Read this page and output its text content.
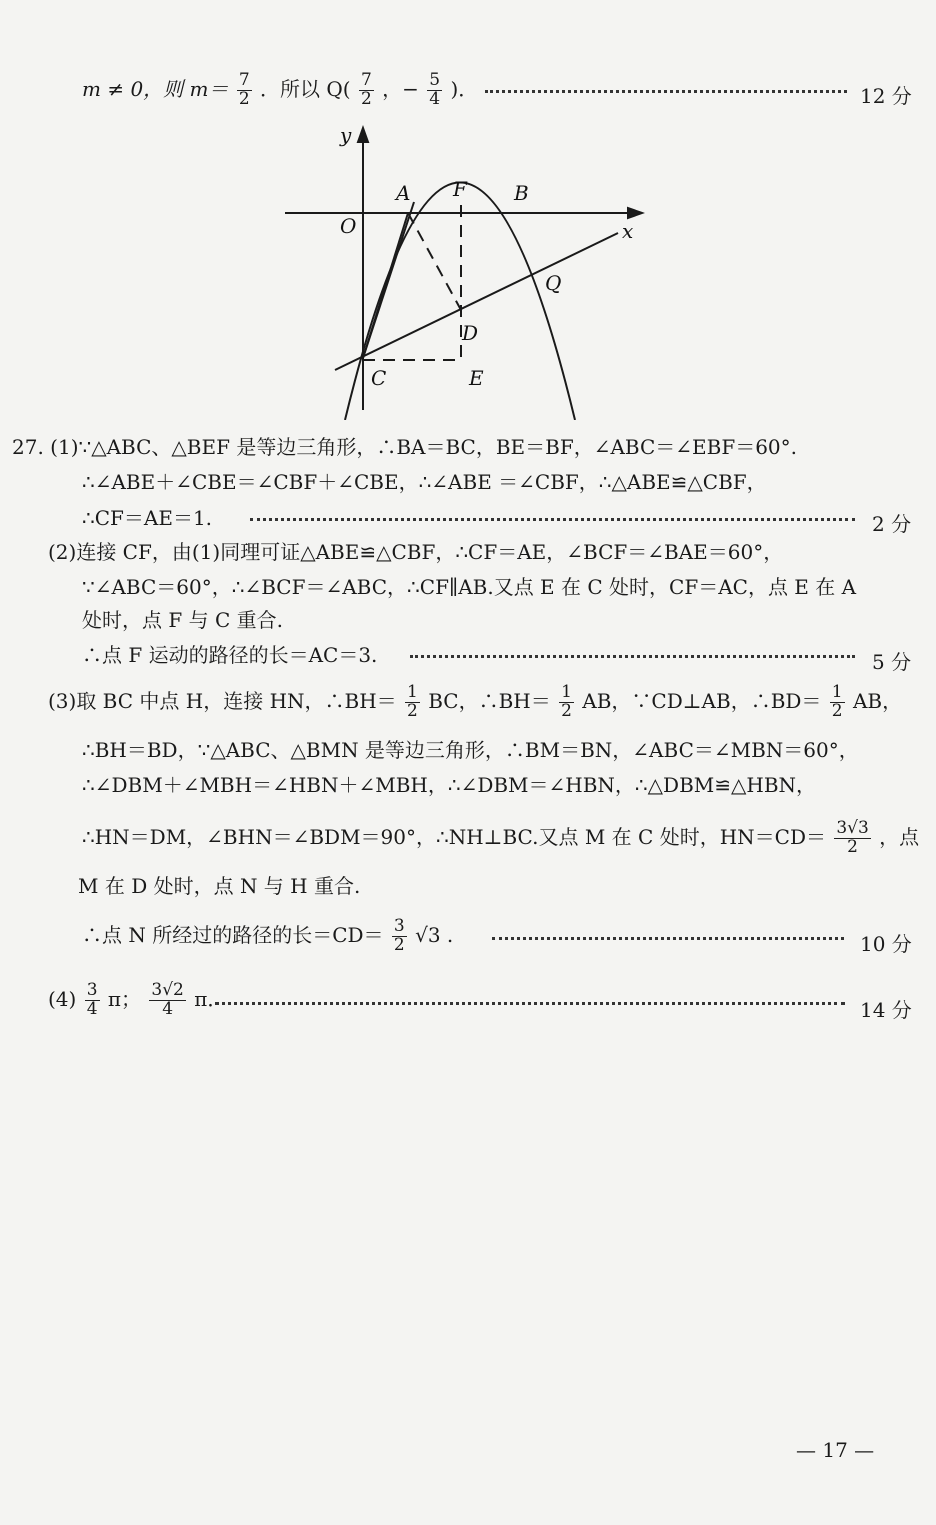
m ≠ 0，则 $m= \frac{7}{2}$ ．所以 $Q( \frac{7}{2}$ ，− $\frac{5}{4}$ )．	12 分
y
x
O
A F B
Q
D
C	E
27. (1)∵△ABC、△BEF 是等边三角形，∴BA＝BC，BE＝BF，∠ABC＝∠EBF＝60°.
∴∠ABE＋∠CBE＝∠CBF＋∠CBE，∴∠ABE ＝∠CBF，∴△ABE≌△CBF，
∴CF＝AE＝1.	2 分
(2)连接 CF，由(1)同理可证△ABE≌△CBF，∴CF＝AE，∠BCF＝∠BAE＝60°，
∵∠ABC＝60°，∴∠BCF＝∠ABC，∴CF∥AB.又点 E 在 C 处时，CF＝AC，点 E 在 A
处时，点 F 与 C 重合.
∴点 F 运动的路径的长＝AC＝3.	5 分
(3)取 BC 中点 H，连接 HN，∴BH＝ $\frac{1}{2}$ BC，∴BH＝ $\frac{1}{2}$ AB，∵CD⊥AB，∴BD＝ $\frac{1}{2}$ AB，
∴BH＝BD，∵△ABC、△BMN 是等边三角形，∴BM＝BN，∠ABC＝∠MBN＝60°，
∴∠DBM＋∠MBH＝∠HBN＋∠MBH，∴∠DBM＝∠HBN，∴△DBM≌△HBN，
∴HN＝DM，∠BHN＝∠BDM＝90°，∴NH⊥BC.又点 M 在 C 处时，$HN=CD= \frac{3√3}{2}$ ，点
M 在 D 处时，点 N 与 H 重合.
∴点 N 所经过的路径的长$=CD= \frac{3}{2} √3$ .	10 分
$(4) \frac{3}{4}$ π； $\frac{3√2}{4}$ π．	14 分
— 17 —
